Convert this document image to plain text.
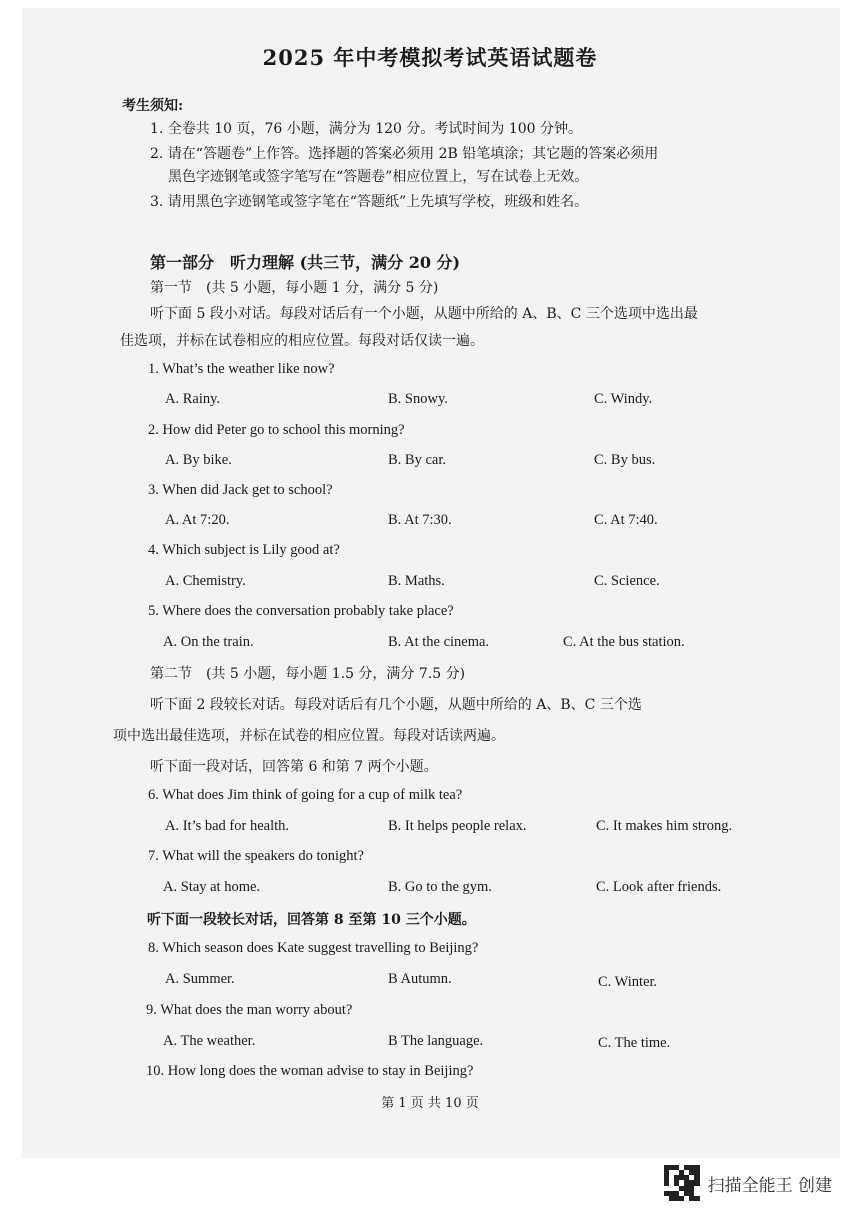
2025 年中考模拟考试英语试题卷
考生须知:
1. 全卷共 10 页，76 小题，满分为 120 分。考试时间为 100 分钟。
2. 请在“答题卷”上作答。选择题的答案必须用 2B 铅笔填涂；其它题的答案必须用
黑色字迹钢笔或签字笔写在“答题卷”相应位置上，写在试卷上无效。
3. 请用黑色字迹钢笔或签字笔在“答题纸”上先填写学校，班级和姓名。
第一部分　听力理解 (共三节，满分 20 分)
第一节　(共 5 小题，每小题 1 分，满分 5 分)
听下面 5 段小对话。每段对话后有一个小题，从题中所给的 A、B、C 三个选项中选出最
佳选项，并标在试卷相应的相应位置。每段对话仅读一遍。
1. What’s the weather like now?
A. Rainy.	B. Snowy.	C. Windy.
2. How did Peter go to school this morning?
A. By bike.	B. By car.	C. By bus.
3. When did Jack get to school?
A. At 7:20.	B. At 7:30.	C. At 7:40.
4. Which subject is Lily good at?
A. Chemistry.	B. Maths.	C. Science.
5. Where does the conversation probably take place?
A. On the train.	B. At the cinema.	C. At the bus station.
第二节　(共 5 小题，每小题 1.5 分，满分 7.5 分)
听下面 2 段较长对话。每段对话后有几个小题，从题中所给的 A、B、C 三个选
项中选出最佳选项，并标在试卷的相应位置。每段对话读两遍。
听下面一段对话，回答第 6 和第 7 两个小题。
6. What does Jim think of going for a cup of milk tea?
A. It’s bad for health.	B. It helps people relax.	C. It makes him strong.
7. What will the speakers do tonight?
A. Stay at home.	B. Go to the gym.	C. Look after friends.
听下面一段较长对话，回答第 8 至第 10 三个小题。
8. Which season does Kate suggest travelling to Beijing?
A. Summer.	B Autumn.	C. Winter.
9. What does the man worry about?
A. The weather.	B The language.	C. The time.
10. How long does the woman advise to stay in Beijing?
第 1 页 共 10 页
扫描全能王 创建
